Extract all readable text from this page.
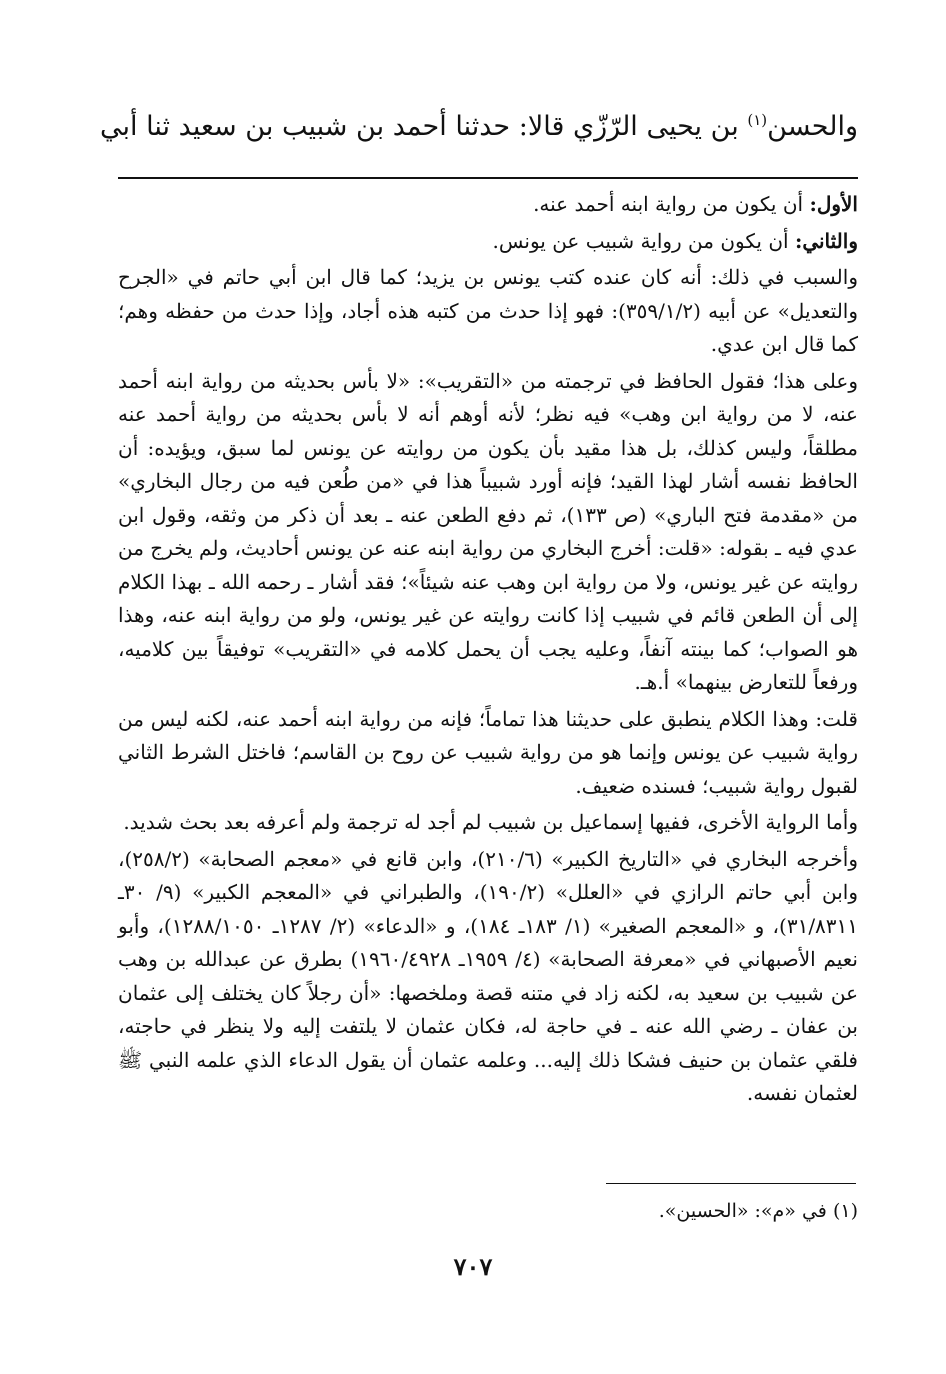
والحسن$^{(١)}$ بن يحيى الرّزّي قالا: حدثنا أحمد بن شبيب بن سعيد ثنا أبي

الأول: أن يكون من رواية ابنه أحمد عنه.

والثاني: أن يكون من رواية شبيب عن يونس.

والسبب في ذلك: أنه كان عنده كتب يونس بن يزيد؛ كما قال ابن أبي حاتم في «الجرح والتعديل» عن أبيه (٣٥٩/١/٢): فهو إذا حدث من كتبه هذه أجاد، وإذا حدث من حفظه وهم؛ كما قال ابن عدي.

وعلى هذا؛ فقول الحافظ في ترجمته من «التقريب»: «لا بأس بحديثه من رواية ابنه أحمد عنه، لا من رواية ابن وهب» فيه نظر؛ لأنه أوهم أنه لا بأس بحديثه من رواية أحمد عنه مطلقاً، وليس كذلك، بل هذا مقيد بأن يكون من روايته عن يونس لما سبق، ويؤيده: أن الحافظ نفسه أشار لهذا القيد؛ فإنه أورد شبيباً هذا في «من طُعن فيه من رجال البخاري» من «مقدمة فتح الباري» (ص ١٣٣)، ثم دفع الطعن عنه ـ بعد أن ذكر من وثقه، وقول ابن عدي فيه ـ بقوله: «قلت: أخرج البخاري من رواية ابنه عنه عن يونس أحاديث، ولم يخرج من روايته عن غير يونس، ولا من رواية ابن وهب عنه شيئاً»؛ فقد أشار ـ رحمه الله ـ بهذا الكلام إلى أن الطعن قائم في شبيب إذا كانت روايته عن غير يونس، ولو من رواية ابنه عنه، وهذا هو الصواب؛ كما بينته آنفاً، وعليه يجب أن يحمل كلامه في «التقريب» توفيقاً بين كلاميه، ورفعاً للتعارض بينهما» أ.هـ.

قلت: وهذا الكلام ينطبق على حديثنا هذا تماماً؛ فإنه من رواية ابنه أحمد عنه، لكنه ليس من رواية شبيب عن يونس وإنما هو من رواية شبيب عن روح بن القاسم؛ فاختل الشرط الثاني لقبول رواية شبيب؛ فسنده ضعيف.

وأما الرواية الأخرى، ففيها إسماعيل بن شبيب لم أجد له ترجمة ولم أعرفه بعد بحث شديد.

وأخرجه البخاري في «التاريخ الكبير» (٢١٠/٦)، وابن قانع في «معجم الصحابة» (٢٥٨/٢)، وابن أبي حاتم الرازي في «العلل» (١٩٠/٢)، والطبراني في «المعجم الكبير» (٩/ ٣٠ـ ٣١/٨٣١١)، و «المعجم الصغير» (١/ ١٨٣ـ ١٨٤)، و «الدعاء» (٢/ ١٢٨٧ـ ١٢٨٨/١٠٥٠)، وأبو نعيم الأصبهاني في «معرفة الصحابة» (٤/ ١٩٥٩ـ ١٩٦٠/٤٩٢٨) بطرق عن عبدالله بن وهب عن شبيب بن سعيد به، لكنه زاد في متنه قصة وملخصها: «أن رجلاً كان يختلف إلى عثمان بن عفان ـ رضي الله عنه ـ في حاجة له، فكان عثمان لا يلتفت إليه ولا ينظر في حاجته، فلقي عثمان بن حنيف فشكا ذلك إليه... وعلمه عثمان أن يقول الدعاء الذي علمه النبي ﷺ لعثمان نفسه.

(١) في «م»: «الحسين».
٧٠٧
